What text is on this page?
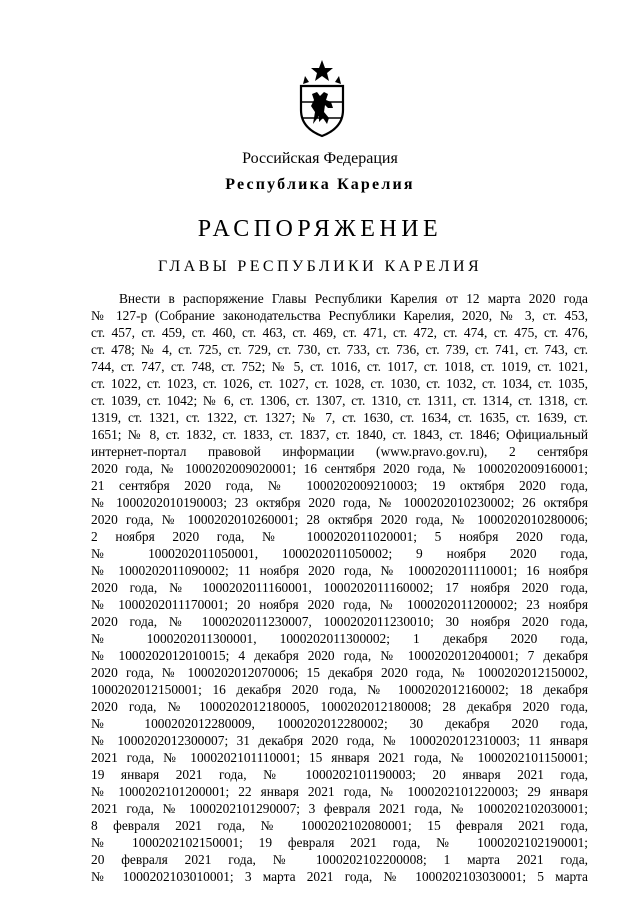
Российская Федерация
Республика Карелия
РАСПОРЯЖЕНИЕ
ГЛАВЫ РЕСПУБЛИКИ КАРЕЛИЯ
Внести в распоряжение Главы Республики Карелия от 12 марта 2020 года
№ 127-р (Собрание законодательства Республики Карелия, 2020, № 3, ст. 453,
ст. 457, ст. 459, ст. 460, ст. 463, ст. 469, ст. 471, ст. 472, ст. 474, ст. 475, ст. 476,
ст. 478; № 4, ст. 725, ст. 729, ст. 730, ст. 733, ст. 736, ст. 739, ст. 741, ст. 743, ст.
744, ст. 747, ст. 748, ст. 752; № 5, ст. 1016, ст. 1017, ст. 1018, ст. 1019, ст. 1021,
ст. 1022, ст. 1023, ст. 1026, ст. 1027, ст. 1028, ст. 1030, ст. 1032, ст. 1034, ст. 1035,
ст. 1039, ст. 1042; № 6, ст. 1306, ст. 1307, ст. 1310, ст. 1311, ст. 1314, ст. 1318, ст.
1319, ст. 1321, ст. 1322, ст. 1327; № 7, ст. 1630, ст. 1634, ст. 1635, ст. 1639, ст.
1651; № 8, ст. 1832, ст. 1833, ст. 1837, ст. 1840, ст. 1843, ст. 1846; Официальный
интернет-портал правовой информации (www.pravo.gov.ru), 2 сентября
2020 года, № 1000202009020001; 16 сентября 2020 года, № 1000202009160001;
21 сентября 2020 года, № 1000202009210003; 19 октября 2020 года,
№ 1000202010190003; 23 октября 2020 года, № 1000202010230002; 26 октября
2020 года, № 1000202010260001; 28 октября 2020 года, № 1000202010280006;
2 ноября 2020 года, № 1000202011020001; 5 ноября 2020 года,
№ 1000202011050001, 1000202011050002; 9 ноября 2020 года,
№ 1000202011090002; 11 ноября 2020 года, № 1000202011110001; 16 ноября
2020 года, № 1000202011160001, 1000202011160002; 17 ноября 2020 года,
№ 1000202011170001; 20 ноября 2020 года, № 1000202011200002; 23 ноября
2020 года, № 1000202011230007, 1000202011230010; 30 ноября 2020 года,
№ 1000202011300001, 1000202011300002; 1 декабря 2020 года,
№ 1000202012010015; 4 декабря 2020 года, № 1000202012040001; 7 декабря
2020 года, № 1000202012070006; 15 декабря 2020 года, № 1000202012150002,
1000202012150001; 16 декабря 2020 года, № 1000202012160002; 18 декабря
2020 года, № 1000202012180005, 1000202012180008; 28 декабря 2020 года,
№ 1000202012280009, 1000202012280002; 30 декабря 2020 года,
№ 1000202012300007; 31 декабря 2020 года, № 1000202012310003; 11 января
2021 года, № 1000202101110001; 15 января 2021 года, № 1000202101150001;
19 января 2021 года, № 1000202101190003; 20 января 2021 года,
№ 1000202101200001; 22 января 2021 года, № 1000202101220003; 29 января
2021 года, № 1000202101290007; 3 февраля 2021 года, № 1000202102030001;
8 февраля 2021 года, № 1000202102080001; 15 февраля 2021 года,
№ 1000202102150001; 19 февраля 2021 года, № 1000202102190001;
20 февраля 2021 года, № 1000202102200008; 1 марта 2021 года,
№ 1000202103010001; 3 марта 2021 года, № 1000202103030001; 5 марта
